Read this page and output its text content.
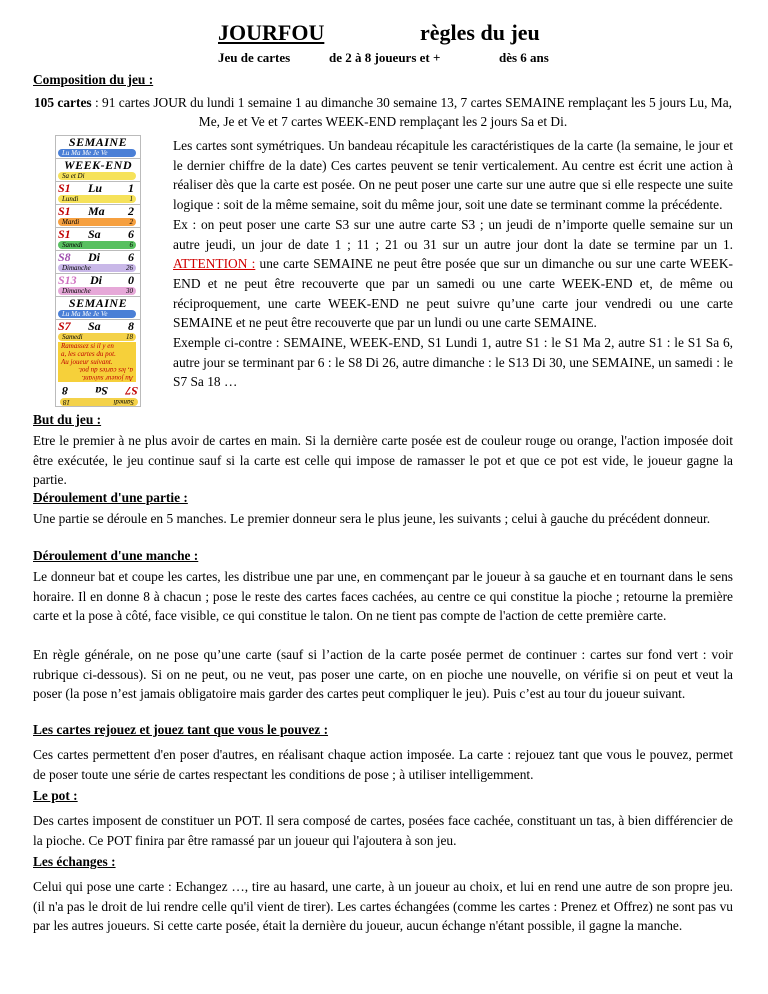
JOURFOU	règles du jeu
Jeu de cartes	de 2 à 8 joueurs et +	dès 6 ans
Composition du jeu :
105 cartes : 91 cartes JOUR du lundi 1 semaine 1 au dimanche 30 semaine 13, 7 cartes SEMAINE remplaçant les 5 jours Lu, Ma, Me, Je et Ve et 7 cartes WEEK-END remplaçant les 2 jours Sa et Di.
SEMAINE
Lu Ma Me Je Ve
WEEK-END
Sa et Di
S1 Lu 1
Lundi	1
S1 Ma 2
Mardi	2
S1 Sa 6
Samedi	6
S8 Di 6
Dimanche	26
S13 Di 0
Dimanche	30
SEMAINE
Lu Ma Me Je Ve
S7 Sa 8
Samedi	18
Ramassez si il y en
a, les cartes du pot.
Au joueur suivant.
Au joueur suivant.
a, les cartes du pot.
Samedi
18
S7
Sa
8

Les cartes sont symétriques. Un bandeau récapitule les caractéristiques de la carte (la semaine, le jour et le dernier chiffre de la date) Ces cartes peuvent se tenir verticalement. Au centre est écrit une action à réaliser dès que la carte est posée. On ne peut poser une carte sur une autre que si elle respecte une suite logique : soit de la même semaine, soit du même jour, soit une date se terminant comme la précédente.

Ex : on peut poser une carte S3 sur une autre carte S3 ; un jeudi de n’importe quelle semaine sur un autre jeudi, un jour de date 1 ; 11 ; 21 ou 31 sur un autre jour dont la date se termine par un 1. ATTENTION : une carte SEMAINE ne peut être posée que sur un dimanche ou sur une carte WEEK-END et ne peut être recouverte que par un samedi ou une carte WEEK-END et, de même ou réciproquement, une carte WEEK-END ne peut suivre qu’une carte jour vendredi ou une carte SEMAINE et ne peut être recouverte que par un lundi ou une carte SEMAINE.

Exemple ci-contre : SEMAINE, WEEK-END, S1 Lundi 1, autre S1 : le S1 Ma 2, autre S1 : le S1 Sa 6, autre jour se terminant par 6 : le S8 Di 26, autre dimanche : le S13 Di 30, une SEMAINE, un samedi : le S7 Sa 18 …

But du jeu :
Etre le premier à ne plus avoir de cartes en main. Si la dernière carte posée est de couleur rouge ou orange, l'action imposée doit être exécutée, le jeu continue sauf si la carte est celle qui impose de ramasser le pot et que ce pot est vide, le joueur gagne la partie.
Déroulement d'une partie :
Une partie se déroule en 5 manches. Le premier donneur sera le plus jeune, les suivants ; celui à gauche du précédent donneur.
Déroulement d'une manche :
Le donneur bat et coupe les cartes, les distribue une par une, en commençant par le joueur à sa gauche et en tournant dans le sens horaire. Il en donne 8 à chacun ; pose le reste des cartes faces cachées, au centre ce qui constitue la pioche ; retourne la première carte et la pose à côté, face visible, ce qui constitue le talon. On ne tient pas compte de l'action de cette première carte.
En règle générale, on ne pose qu’une carte (sauf si l’action de la carte posée permet de continuer : cartes sur fond vert : voir rubrique ci-dessous). Si on ne peut, ou ne veut, pas poser une carte, on en pioche une nouvelle, on vérifie si on peut et veut la poser (la pose n’est jamais obligatoire mais garder des cartes peut compliquer le jeu). Puis c’est au tour du joueur suivant.
Les cartes rejouez et jouez tant que vous le pouvez :
Ces cartes permettent d'en poser d'autres, en réalisant chaque action imposée. La carte : rejouez tant que vous le pouvez, permet de poser toute une série de cartes respectant les conditions de pose ; à utiliser intelligemment.
Le pot :
Des cartes imposent de constituer un POT. Il sera composé de cartes, posées face cachée, constituant un tas, à bien différencier de la pioche. Ce POT finira par être ramassé par un joueur qui l'ajoutera à son jeu.
Les échanges :
Celui qui pose une carte : Echangez …, tire au hasard, une carte, à un joueur au choix, et lui en rend une autre de son propre jeu. (il n'a pas le droit de lui rendre celle qu'il vient de tirer). Les cartes échangées (comme les cartes : Prenez et Offrez) ne sont pas vu par les autres joueurs. Si cette carte posée, était la dernière du joueur, aucun échange n'étant possible, il gagne la manche.
